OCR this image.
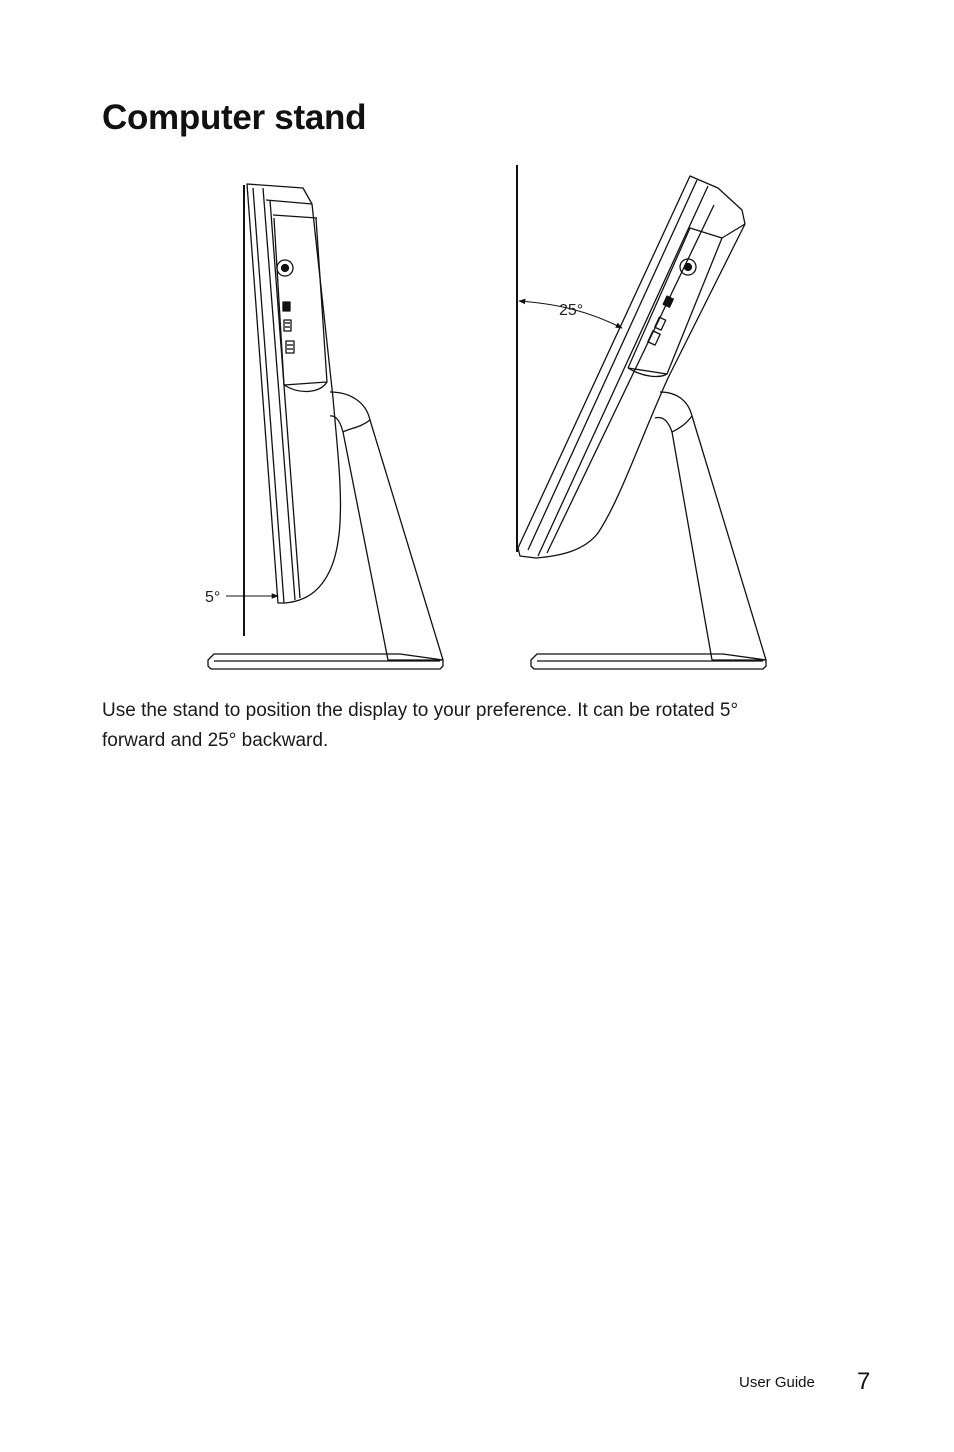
Computer stand
5°
25°

Use the stand to position the display to your preference. It can be rotated 5° forward and 25° backward.

User Guide 7
